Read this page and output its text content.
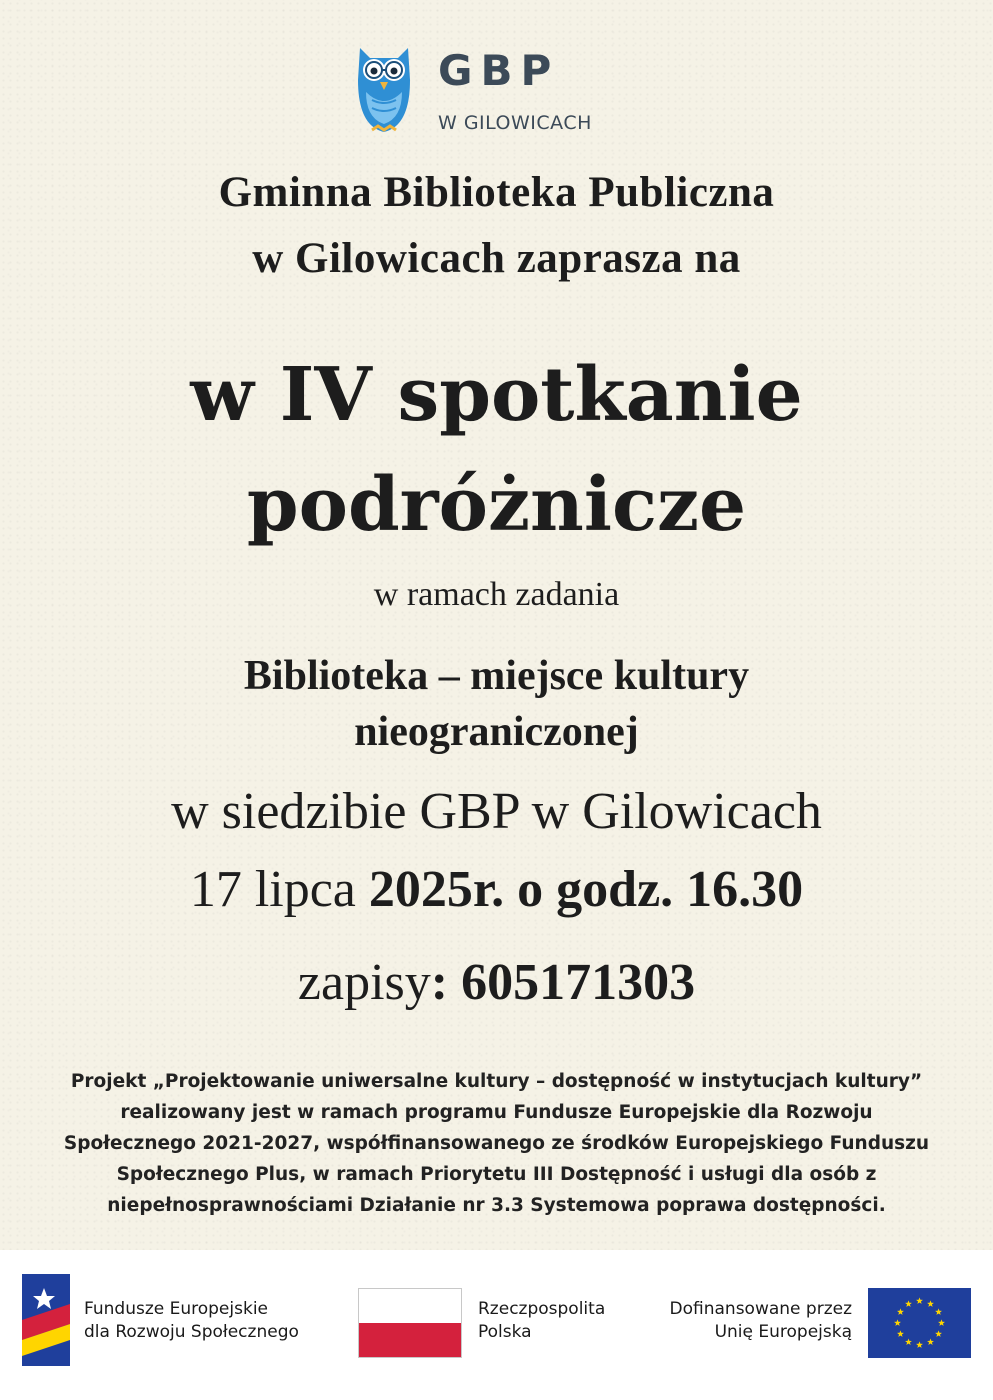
GBP
W GILOWICACH
Gminna Biblioteka Publiczna
w Gilowicach zaprasza na
w IV spotkanie
podróżnicze
w ramach zadania
Biblioteka – miejsce kultury
nieograniczonej
w siedzibie GBP w Gilowicach
17 lipca 2025r. o godz. 16.30
zapisy: 605171303
Projekt „Projektowanie uniwersalne kultury – dostępność w instytucjach kultury”
realizowany jest w ramach programu Fundusze Europejskie dla Rozwoju
Społecznego 2021-2027, współfinansowanego ze środków Europejskiego Funduszu
Społecznego Plus, w ramach Priorytetu III Dostępność i usługi dla osób z
niepełnosprawnościami Działanie nr 3.3 Systemowa poprawa dostępności.
Fundusze Europejskie
dla Rozwoju Społecznego
Rzeczpospolita
Polska
Dofinansowane przez
Unię Europejską
